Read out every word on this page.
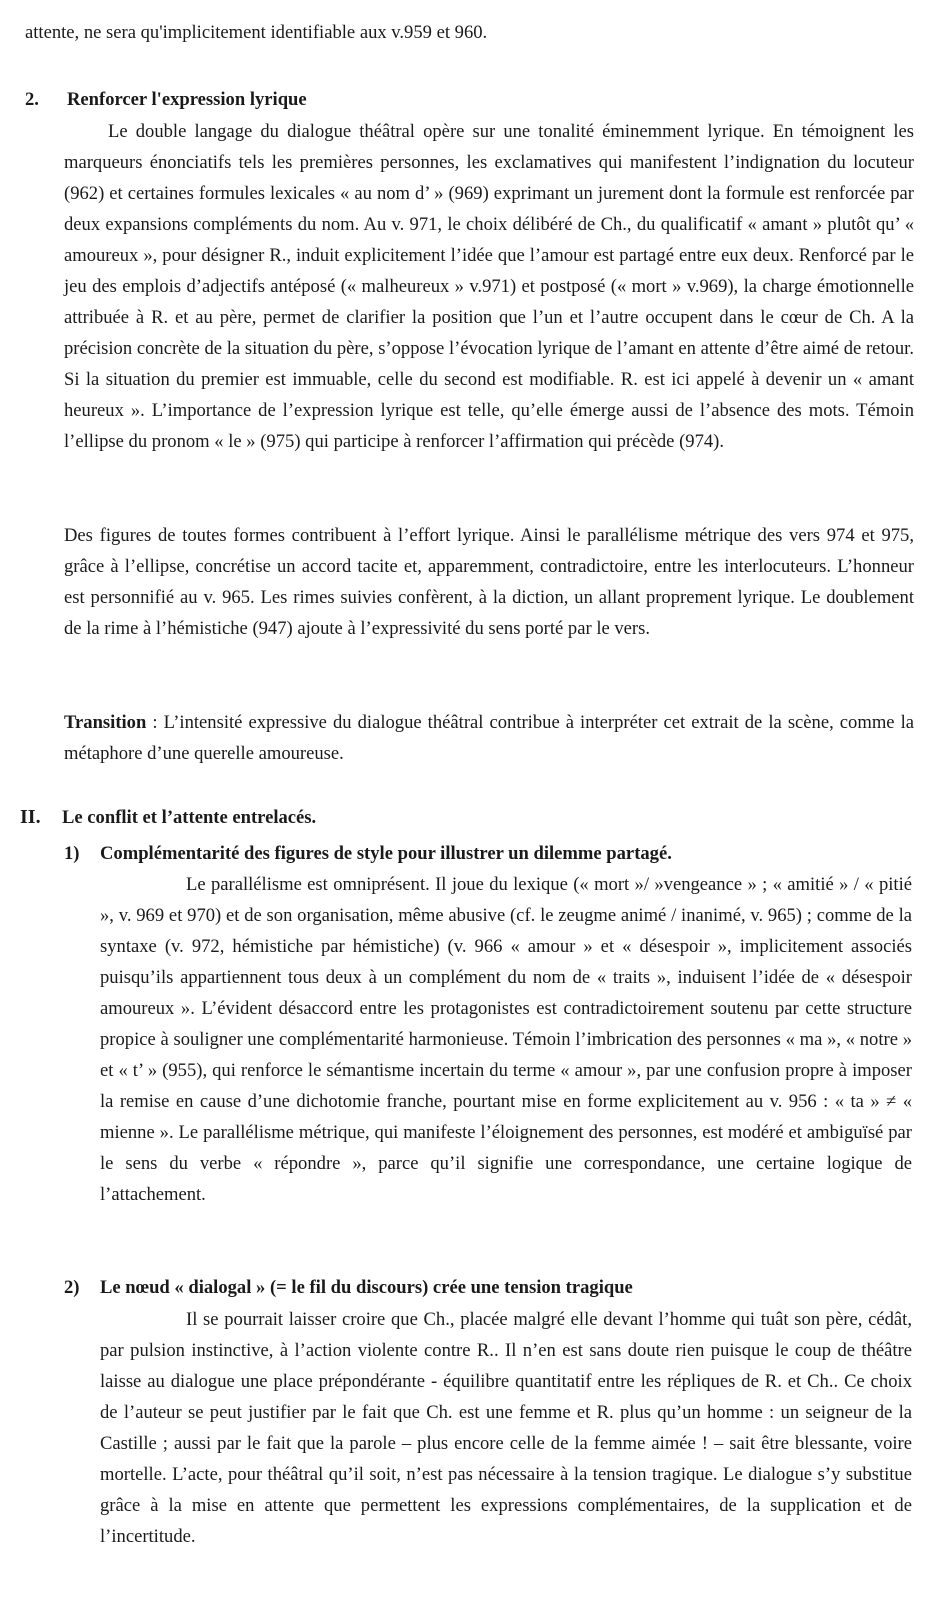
attente, ne sera qu'implicitement identifiable aux v.959 et 960.
2. Renforcer l'expression lyrique
Le double langage du dialogue théâtral opère sur une tonalité éminemment lyrique. En témoignent les marqueurs énonciatifs tels les premières personnes, les exclamatives qui manifestent l’indignation du locuteur (962) et certaines formules lexicales « au nom d’ » (969) exprimant un jurement dont la formule est renforcée par deux expansions compléments du nom. Au v. 971, le choix délibéré de Ch., du qualificatif « amant » plutôt qu’ « amoureux », pour désigner R., induit explicitement l’idée que l’amour est partagé entre eux deux. Renforcé par le jeu des emplois d’adjectifs antéposé (« malheureux » v.971) et postposé (« mort » v.969), la charge émotionnelle attribuée à R. et au père, permet de clarifier la position que l’un et l’autre occupent dans le cœur de Ch. A la précision concrète de la situation du père, s’oppose l’évocation lyrique de l’amant en attente d’être aimé de retour. Si la situation du premier est immuable, celle du second est modifiable. R. est ici appelé à devenir un « amant heureux ». L’importance de l’expression lyrique est telle, qu’elle émerge aussi de l’absence des mots. Témoin l’ellipse du pronom « le » (975) qui participe à renforcer l’affirmation qui précède (974).
Des figures de toutes formes contribuent à l’effort lyrique. Ainsi le parallélisme métrique des vers 974 et 975, grâce à l’ellipse, concrétise un accord tacite et, apparemment, contradictoire, entre les interlocuteurs. L’honneur est personnifié au v. 965. Les rimes suivies confèrent, à la diction, un allant proprement lyrique. Le doublement de la rime à l’hémistiche (947) ajoute à l’expressivité du sens porté par le vers.
Transition : L’intensité expressive du dialogue théâtral contribue à interpréter cet extrait de la scène, comme la métaphore d’une querelle amoureuse.
II. Le conflit et l’attente entrelacés.
1) Complémentarité des figures de style pour illustrer un dilemme partagé.
Le parallélisme est omniprésent. Il joue du lexique (« mort »/ »vengeance » ; « amitié » / « pitié », v. 969 et 970) et de son organisation, même abusive (cf. le zeugme animé / inanimé, v. 965) ; comme de la syntaxe (v. 972, hémistiche par hémistiche) (v. 966 « amour » et « désespoir », implicitement associés puisqu’ils appartiennent tous deux à un complément du nom de « traits », induisent l’idée de « désespoir amoureux ». L’évident désaccord entre les protagonistes est contradictoirement soutenu par cette structure propice à souligner une complémentarité harmonieuse. Témoin l’imbrication des personnes « ma », « notre » et « t’ » (955), qui renforce le sémantisme incertain du terme « amour », par une confusion propre à imposer la remise en cause d’une dichotomie franche, pourtant mise en forme explicitement au v. 956 : « ta » ≠ « mienne ». Le parallélisme métrique, qui manifeste l’éloignement des personnes, est modéré et ambiguïsé par le sens du verbe « répondre », parce qu’il signifie une correspondance, une certaine logique de l’attachement.
2) Le nœud « dialogal » (= le fil du discours) crée une tension tragique
Il se pourrait laisser croire que Ch., placée malgré elle devant l’homme qui tuât son père, cédât, par pulsion instinctive, à l’action violente contre R.. Il n’en est sans doute rien puisque le coup de théâtre laisse au dialogue une place prépondérante - équilibre quantitatif entre les répliques de R. et Ch.. Ce choix de l’auteur se peut justifier par le fait que Ch. est une femme et R. plus qu’un homme : un seigneur de la Castille ; aussi par le fait que la parole – plus encore celle de la femme aimée ! – sait être blessante, voire mortelle. L’acte, pour théâtral qu’il soit, n’est pas nécessaire à la tension tragique. Le dialogue s’y substitue grâce à la mise en attente que permettent les expressions complémentaires, de la supplication et de l’incertitude.
